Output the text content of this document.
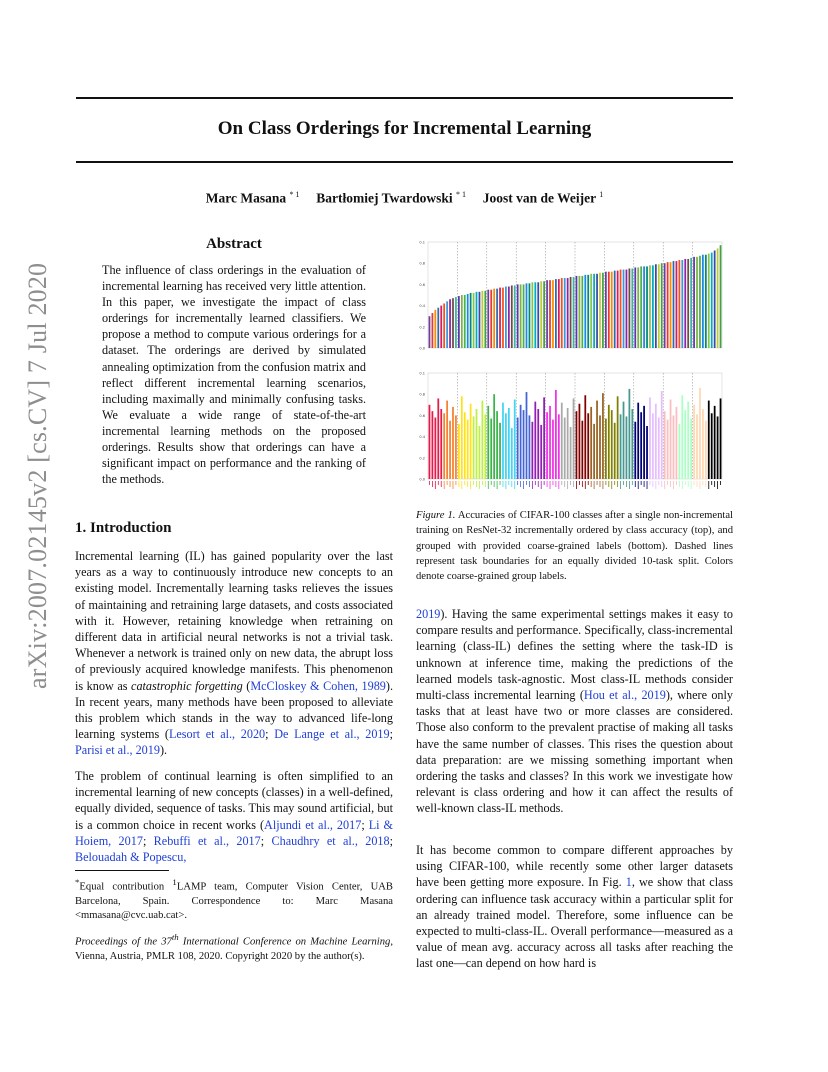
On Class Orderings for Incremental Learning
Marc Masana $^{* 1}$ Bartłomiej Twardowski $^{* 1}$ Joost van de Weijer $^1$
arXiv:2007.02145v2 [cs.CV] 7 Jul 2020
Abstract

The influence of class orderings in the evaluation of incremental learning has received very little attention. In this paper, we investigate the impact of class orderings for incrementally learned classifiers. We propose a method to compute various orderings for a dataset. The orderings are derived by simulated annealing optimization from the confusion matrix and reflect different incremental learning scenarios, including maximally and minimally confusing tasks. We evaluate a wide range of state-of-the-art incremental learning methods on the proposed orderings. Results show that orderings can have a significant impact on performance and the ranking of the methods.

1. Introduction

Incremental learning (IL) has gained popularity over the last years as a way to continuously introduce new concepts to an existing model. Incrementally learning tasks relieves the issues of maintaining and retraining large datasets, and costs associated with it. However, retaining knowledge when retraining on different data in artificial neural networks is not a trivial task. Whenever a network is trained only on new data, the abrupt loss of previously acquired knowledge manifests. This phenomenon is know as catastrophic forgetting (McCloskey & Cohen, 1989). In recent years, many methods have been proposed to alleviate this problem which stands in the way to advanced life-long learning systems (Lesort et al., 2020; De Lange et al., 2019; Parisi et al., 2019).

The problem of continual learning is often simplified to an incremental learning of new concepts (classes) in a well-defined, equally divided, sequence of tasks. This may sound artificial, but is a common choice in recent works (Aljundi et al., 2017; Li & Hoiem, 2017; Rebuffi et al., 2017; Chaudhry et al., 2018; Belouadah & Popescu,

*Equal contribution $^1$LAMP team, Computer Vision Center, UAB Barcelona, Spain. Correspondence to: Marc Masana <mmasana@cvc.uab.cat>.

Proceedings of the 37th International Conference on Machine Learning, Vienna, Austria, PMLR 108, 2020. Copyright 2020 by the author(s).

0.1
0.8
0.6
0.4
0.2
0.0
0.1
0.8
0.6
0.4
0.2
0.0

Figure 1. Accuracies of CIFAR-100 classes after a single non-incremental training on ResNet-32 incrementally ordered by class accuracy (top), and grouped with provided coarse-grained labels (bottom). Dashed lines represent task boundaries for an equally divided 10-task split. Colors denote coarse-grained group labels.

2019). Having the same experimental settings makes it easy to compare results and performance. Specifically, class-incremental learning (class-IL) defines the setting where the task-ID is unknown at inference time, making the predictions of the learned models task-agnostic. Most class-IL methods consider multi-class incremental learning (Hou et al., 2019), where only tasks that at least have two or more classes are considered. Those also conform to the prevalent practise of making all tasks have the same number of classes. This rises the question about data preparation: are we missing something important when ordering the tasks and classes? In this work we investigate how relevant is class ordering and how it can affect the results of well-known class-IL methods.

It has become common to compare different approaches by using CIFAR-100, while recently some other larger datasets have been getting more exposure. In Fig. 1, we show that class ordering can influence task accuracy within a particular split for an already trained model. Therefore, some influence can be expected to multi-class-IL. Overall performance—measured as a value of mean avg. accuracy across all tasks after reaching the last one—can depend on how hard is
